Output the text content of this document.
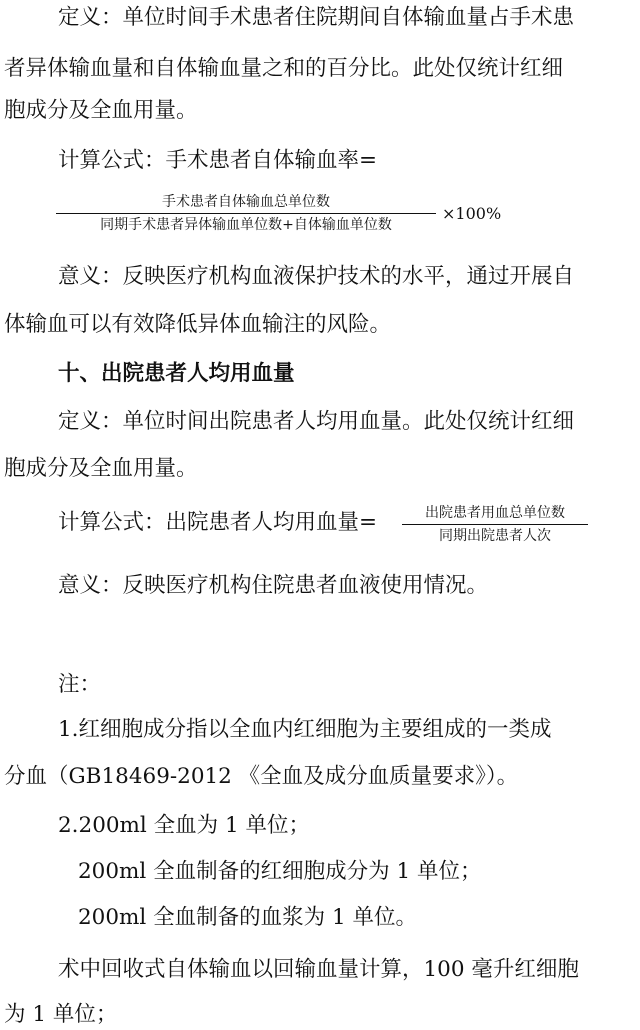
定义：单位时间手术患者住院期间自体输血量占手术患
者异体输血量和自体输血量之和的百分比。此处仅统计红细
胞成分及全血用量。
计算公式：手术患者自体输血率=
手术患者自体输血总单位数
同期手术患者异体输血单位数+自体输血单位数
×100%
意义：反映医疗机构血液保护技术的水平，通过开展自
体输血可以有效降低异体血输注的风险。
十、出院患者人均用血量
定义：单位时间出院患者人均用血量。此处仅统计红细
胞成分及全血用量。
计算公式：出院患者人均用血量=	出院患者用血总单位数
同期出院患者人次
意义：反映医疗机构住院患者血液使用情况。
注：
1.红细胞成分指以全血内红细胞为主要组成的一类成
分血（GB18469-2012 《全血及成分血质量要求》）。
2.200ml 全血为 1 单位；
200ml 全血制备的红细胞成分为 1 单位；
200ml 全血制备的血浆为 1 单位。
术中回收式自体输血以回输血量计算，100 毫升红细胞
为 1 单位；
